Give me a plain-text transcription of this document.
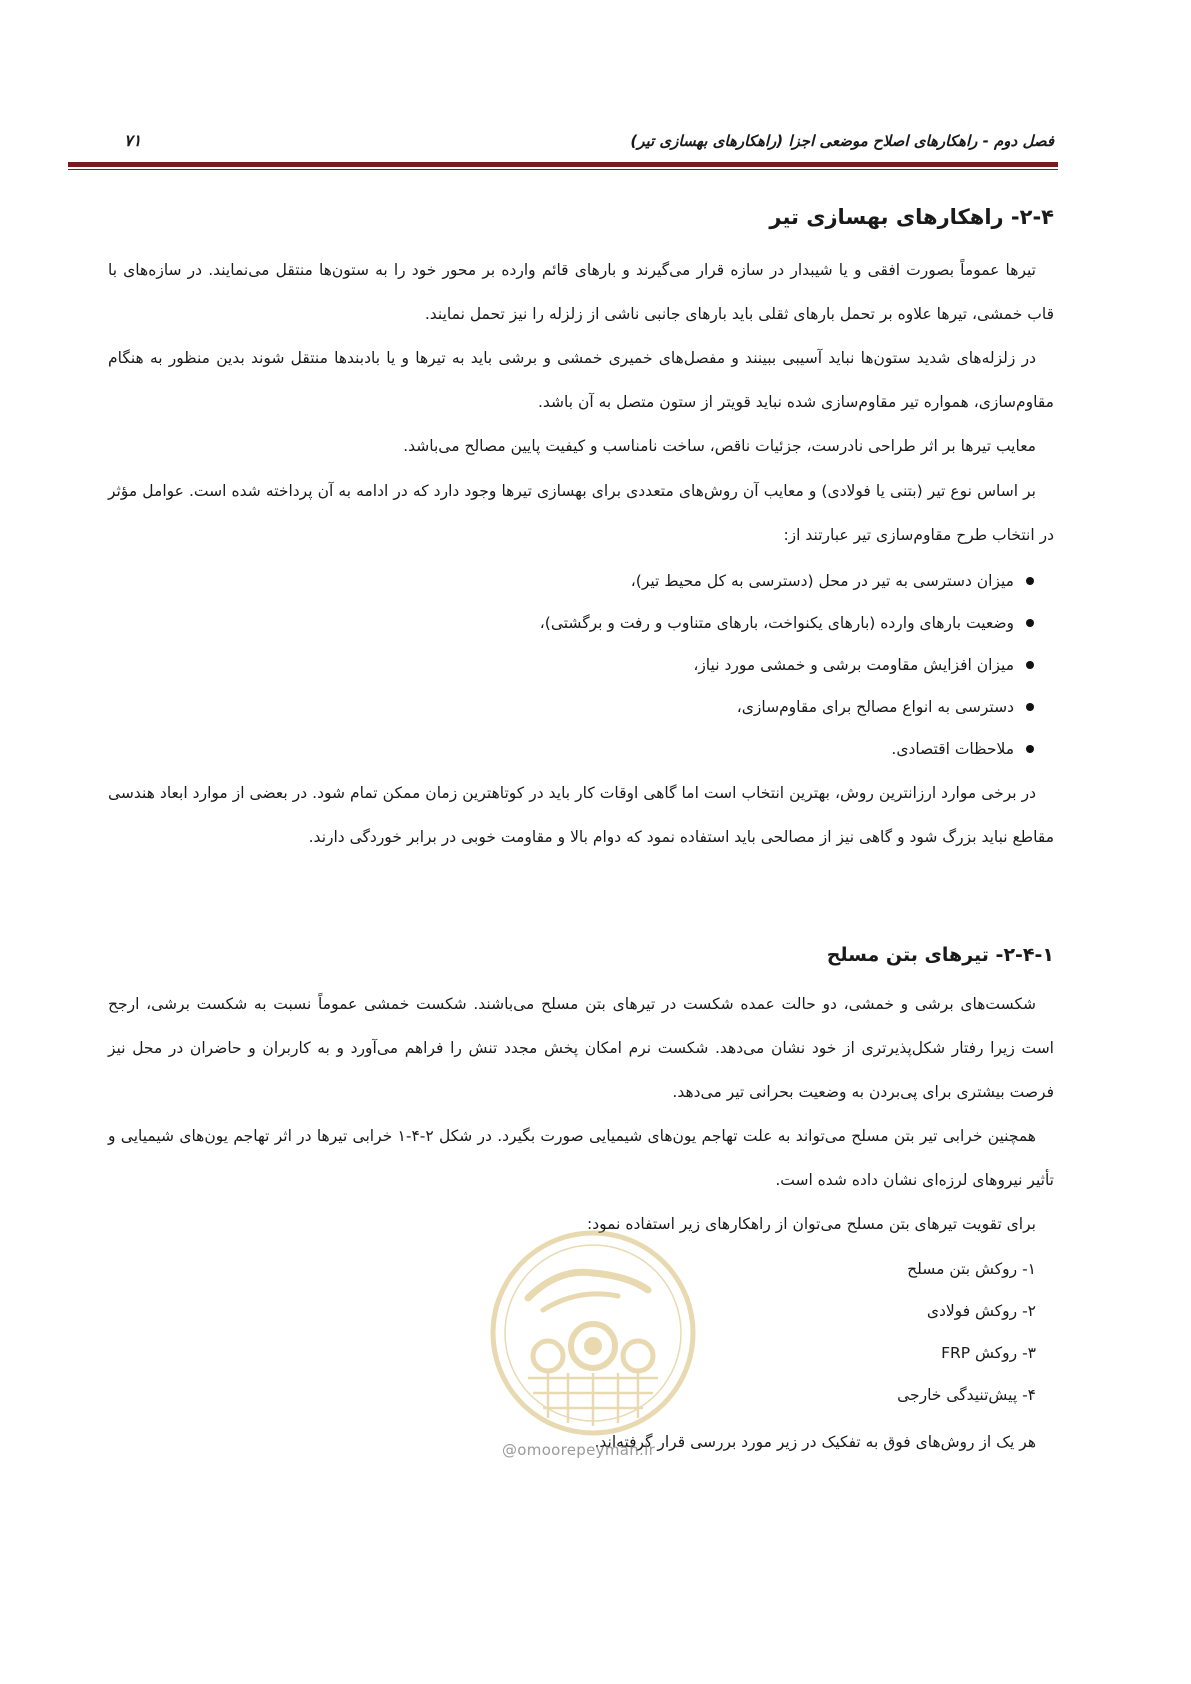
فصل دوم - راهکارهای اصلاح موضعی اجزا (راهکارهای بهسازی تیر)
۷۱
۲-۴- راهکارهای بهسازی تیر

تیرها عموماً بصورت افقی و یا شیبدار در سازه قرار می‌گیرند و بارهای قائم وارده بر محور خود را به ستون‌ها منتقل می‌نمایند. در سازه‌های با قاب خمشی، تیرها علاوه بر تحمل بارهای ثقلی باید بارهای جانبی ناشی از زلزله را نیز تحمل نمایند.

در زلزله‌های شدید ستون‌ها نباید آسیبی ببینند و مفصل‌های خمیری خمشی و برشی باید به تیرها و یا بادبندها منتقل شوند بدین منظور به هنگام مقاوم‌سازی، همواره تیر مقاوم‌سازی شده نباید قویتر از ستون متصل به آن باشد.

معایب تیرها بر اثر طراحی نادرست، جزئیات ناقص، ساخت نامناسب و کیفیت پایین مصالح می‌باشد.

بر اساس نوع تیر (بتنی یا فولادی) و معایب آن روش‌های متعددی برای بهسازی تیرها وجود دارد که در ادامه به آن پرداخته شده است. عوامل مؤثر در انتخاب طرح مقاوم‌سازی تیر عبارتند از:

میزان دسترسی به تیر در محل (دسترسی به کل محیط تیر)،
وضعیت بارهای وارده (بارهای یکنواخت، بارهای متناوب و رفت و برگشتی)،
میزان افزایش مقاومت برشی و خمشی مورد نیاز،
دسترسی به انواع مصالح برای مقاوم‌سازی،
ملاحظات اقتصادی.

در برخی موارد ارزانترین روش، بهترین انتخاب است اما گاهی اوقات کار باید در کوتاهترین زمان ممکن تمام شود. در بعضی از موارد ابعاد هندسی مقاطع نباید بزرگ شود و گاهی نیز از مصالحی باید استفاده نمود که دوام بالا و مقاومت خوبی در برابر خوردگی دارند.

۲-۴-۱- تیرهای بتن مسلح

شکست‌های برشی و خمشی، دو حالت عمده شکست در تیرهای بتن مسلح می‌باشند. شکست خمشی عموماً نسبت به شکست برشی، ارجح است زیرا رفتار شکل‌پذیرتری از خود نشان می‌دهد. شکست نرم امکان پخش مجدد تنش را فراهم می‌آورد و به کاربران و حاضران در محل نیز فرصت بیشتری برای پی‌بردن به وضعیت بحرانی تیر می‌دهد.

همچنین خرابی تیر بتن مسلح می‌تواند به علت تهاجم یون‌های شیمیایی صورت بگیرد. در شکل ۲-۴-۱ خرابی تیرها در اثر تهاجم یون‌های شیمیایی و تأثیر نیروهای لرزه‌ای نشان داده شده است.

برای تقویت تیرهای بتن مسلح می‌توان از راهکارهای زیر استفاده نمود:

۱- روکش بتن مسلح
۲- روکش فولادی
۳- روکش FRP
۴- پیش‌تنیدگی خارجی

هر یک از روش‌های فوق به تفکیک در زیر مورد بررسی قرار گرفته‌اند.

@omoorepeyman.ir
